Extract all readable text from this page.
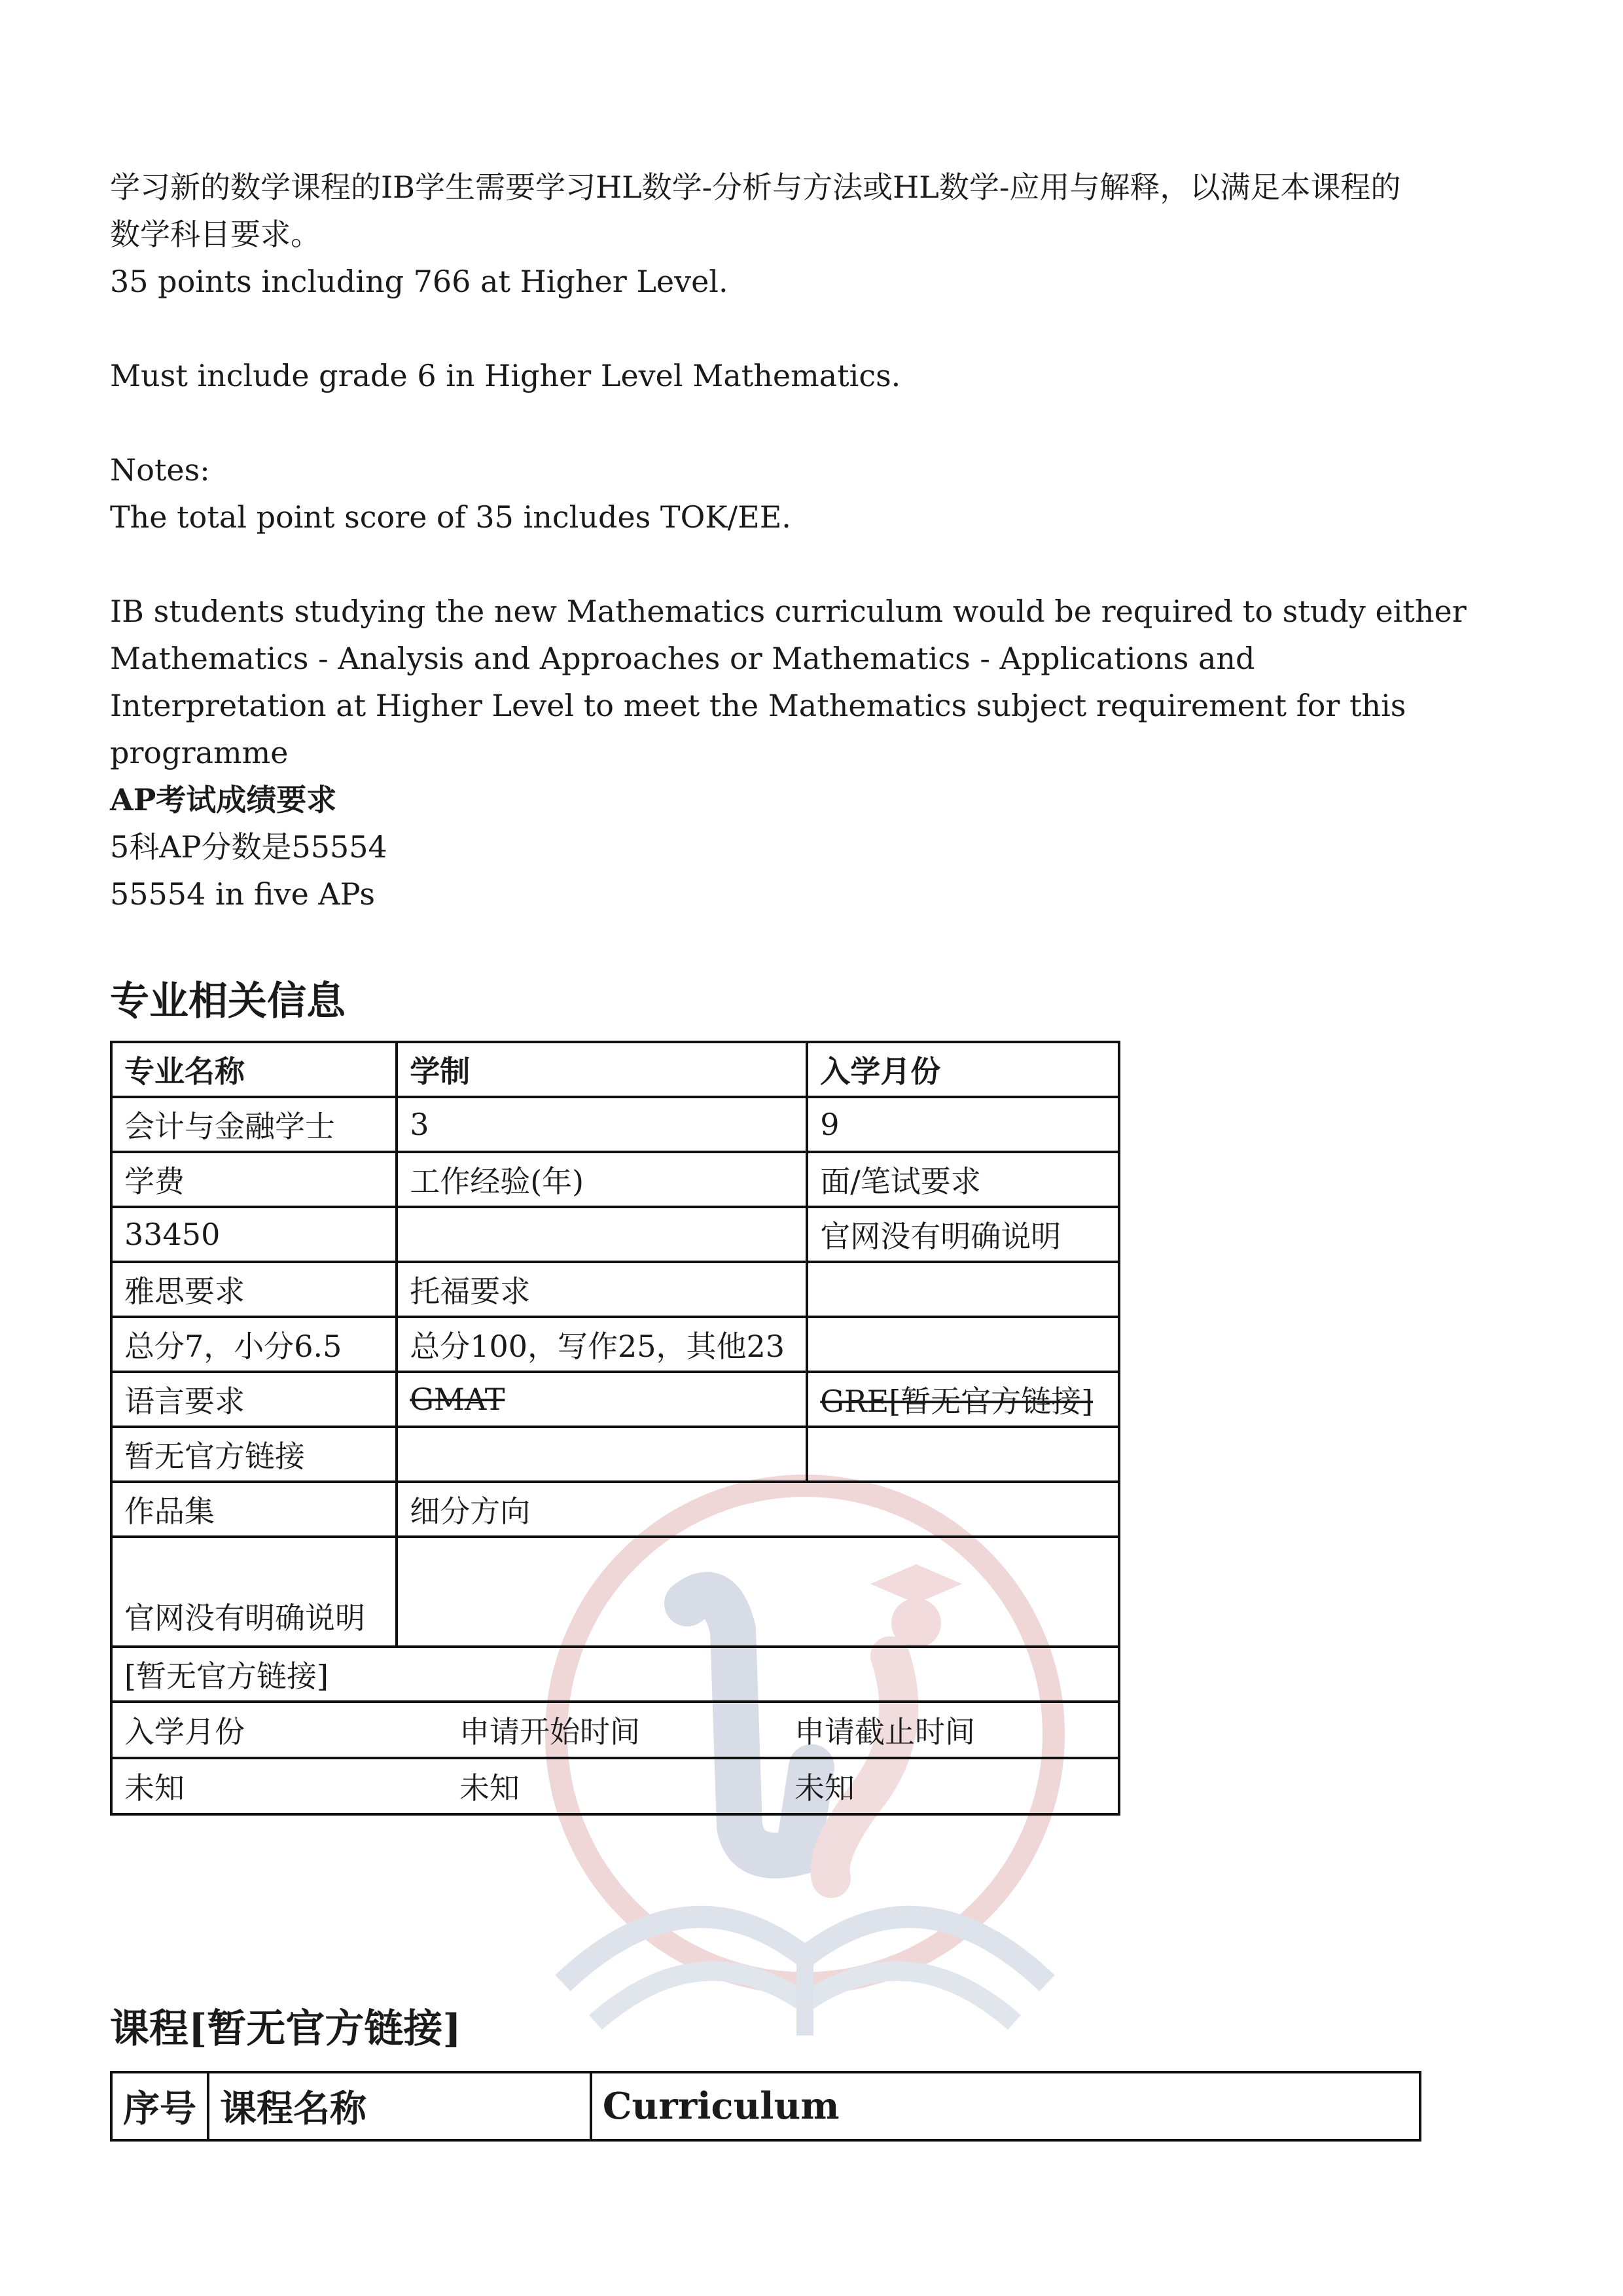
学习新的数学课程的IB学生需要学习HL数学-分析与方法或HL数学-应用与解释，以满足本课程的
数学科目要求。
35 points including 766 at Higher Level.
Must include grade 6 in Higher Level Mathematics.
Notes:
The total point score of 35 includes TOK/EE.
IB students studying the new Mathematics curriculum would be required to study either
Mathematics - Analysis and Approaches or Mathematics - Applications and
Interpretation at Higher Level to meet the Mathematics subject requirement for this
programme
AP考试成绩要求
5科AP分数是55554
55554 in five APs
专业相关信息
专业名称	学制	入学月份
会计与金融学士	3	9
学费	工作经验(年)	面/笔试要求
33450		官网没有明确说明
雅思要求	托福要求	
总分7，小分6.5	总分100，写作25，其他23	
语言要求	GMAT	GRE[暂无官方链接]
暂无官方链接		
作品集	细分方向
官网没有明确说明	
[暂无官方链接]

入学月份	申请开始时间	申请截止时间
未知	未知	未知
课程[暂无官方链接]
序号	课程名称	Curriculum
